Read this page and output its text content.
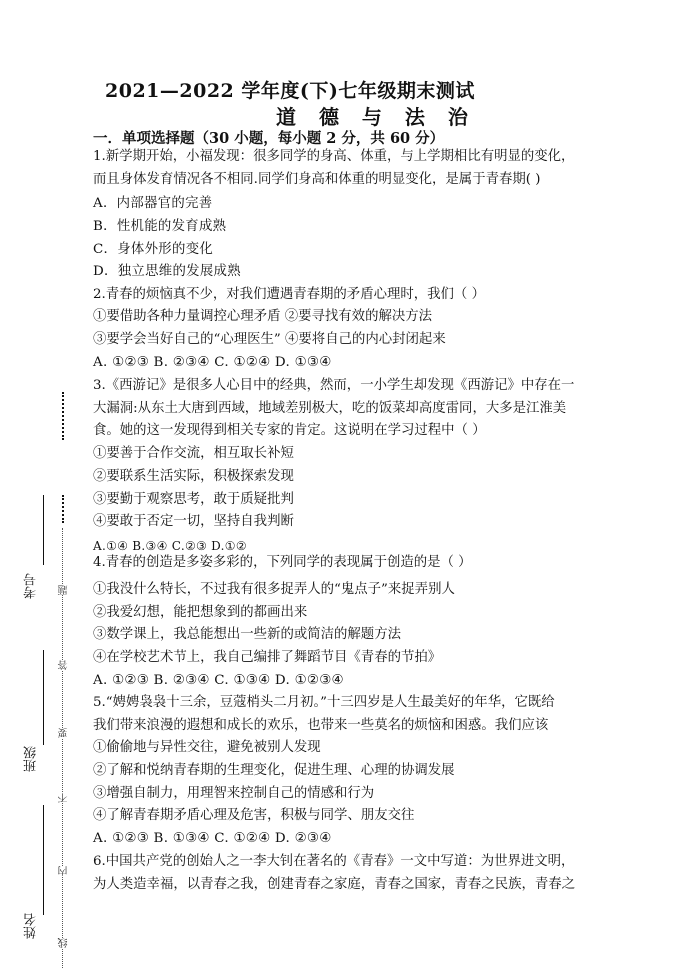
2021—2022 学年度(下)七年级期末测试
道 德 与 法 治
一．单项选择题（30 小题，每小题 2 分，共 60 分）
1.新学期开始，小福发现：很多同学的身高、体重，与上学期相比有明显的变化，
而且身体发育情况各不相同.同学们身高和体重的明显变化，是属于青春期( )
A．内部器官的完善
B．性机能的发育成熟
C．身体外形的变化
D．独立思维的发展成熟
2.青春的烦恼真不少，对我们遭遇青春期的矛盾心理时，我们（ ）
①要借助各种力量调控心理矛盾 ②要寻找有效的解决方法
③要学会当好自己的“心理医生” ④要将自己的内心封闭起来
A. ①②③ B. ②③④ C. ①②④ D. ①③④
3.《西游记》是很多人心目中的经典，然而，一小学生却发现《西游记》中存在一
大漏洞:从东土大唐到西域，地域差别极大，吃的饭菜却高度雷同，大多是江淮美
食。她的这一发现得到相关专家的肯定。这说明在学习过程中（ ）
①要善于合作交流，相互取长补短
②要联系生活实际，积极探索发现
③要勤于观察思考，敢于质疑批判
④要敢于否定一切，坚持自我判断
A.①④ B.③④ C.②③ D.①②
4.青春的创造是多姿多彩的，下列同学的表现属于创造的是（ ）
①我没什么特长，不过我有很多捉弄人的“鬼点子”来捉弄别人
②我爱幻想，能把想象到的都画出来
③数学课上，我总能想出一些新的或简洁的解题方法
④在学校艺术节上，我自己编排了舞蹈节目《青春的节拍》
A. ①②③ B. ②③④ C. ①③④ D. ①②③④
5.“娉娉袅袅十三余，豆蔻梢头二月初。”十三四岁是人生最美好的年华，它既给
我们带来浪漫的遐想和成长的欢乐，也带来一些莫名的烦恼和困惑。我们应该
①偷偷地与异性交往，避免被别人发现
②了解和悦纳青春期的生理变化，促进生理、心理的协调发展
③增强自制力，用理智来控制自己的情感和行为
④了解青春期矛盾心理及危害，积极与同学、朋友交往
A. ①②③ B. ①③④ C. ①②④ D. ②③④
6.中国共产党的创始人之一李大钊在著名的《青春》一文中写道：为世界进文明，
为人类造幸福，以青春之我，创建青春之家庭，青春之国家，青春之民族，青春之
考号
班级
姓名
题
答
要
不
内
线
